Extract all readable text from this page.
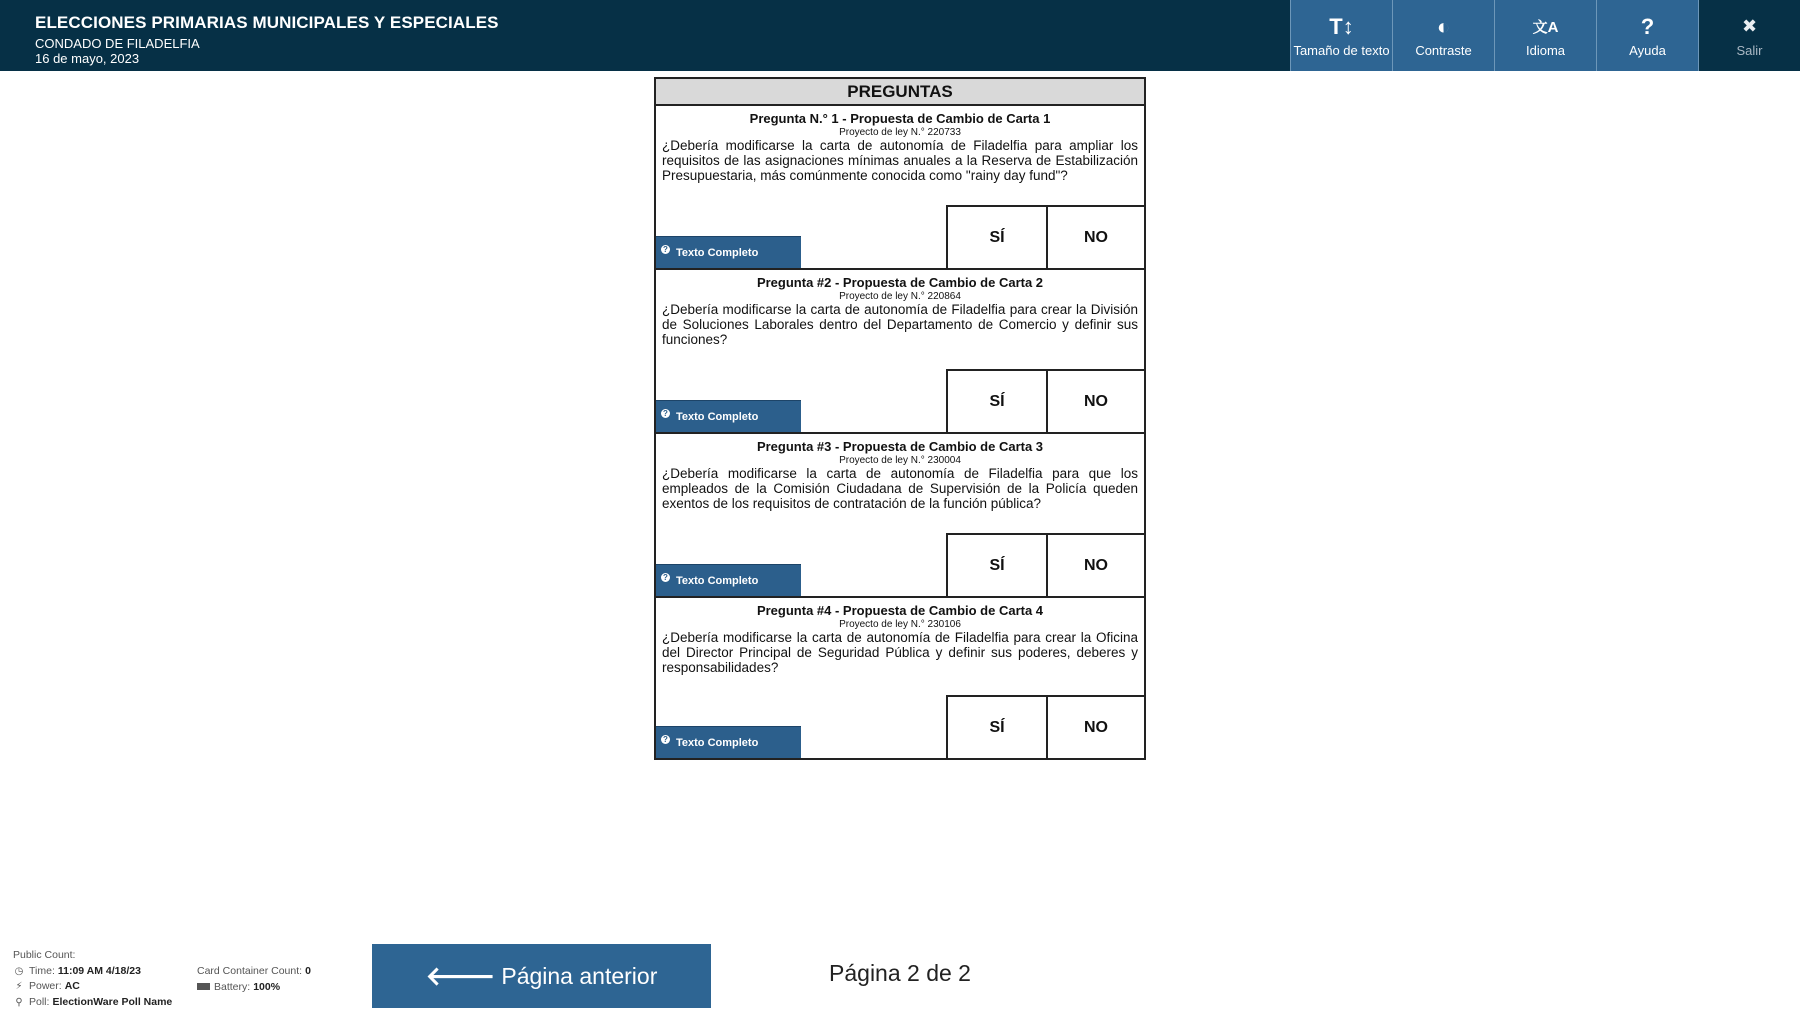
ELECCIONES PRIMARIAS MUNICIPALES Y ESPECIALES
CONDADO DE FILADELFIA
16 de mayo, 2023
T↕
Tamaño de texto
◐
Contraste
文A
Idioma
?
Ayuda
✖
Salir
PREGUNTAS
Pregunta N.° 1 - Propuesta de Cambio de Carta 1
Proyecto de ley N.° 220733
¿Debería modificarse la carta de autonomía de Filadelfia para ampliar los requisitos de las asignaciones mínimas anuales a la Reserva de Estabilización Presupuestaria, más comúnmente conocida como "rainy day fund"?
? Texto Completo
SÍ	NO
Pregunta #2 - Propuesta de Cambio de Carta 2
Proyecto de ley N.° 220864
¿Debería modificarse la carta de autonomía de Filadelfia para crear la División de Soluciones Laborales dentro del Departamento de Comercio y definir sus funciones?
? Texto Completo
SÍ	NO
Pregunta #3 - Propuesta de Cambio de Carta 3
Proyecto de ley N.° 230004
¿Debería modificarse la carta de autonomía de Filadelfia para que los empleados de la Comisión Ciudadana de Supervisión de la Policía queden exentos de los requisitos de contratación de la función pública?
? Texto Completo
SÍ	NO
Pregunta #4 - Propuesta de Cambio de Carta 4
Proyecto de ley N.° 230106
¿Debería modificarse la carta de autonomía de Filadelfia para crear la Oficina del Director Principal de Seguridad Pública y definir sus poderes, deberes y responsabilidades?
? Texto Completo
SÍ	NO
Public Count:
◷ Time: 11:09 AM 4/18/23
⚡ Power: AC
⚲ Poll: ElectionWare Poll Name
Card Container Count: 0
Battery: 100%	🡐 Página anterior	Página 2 de 2
